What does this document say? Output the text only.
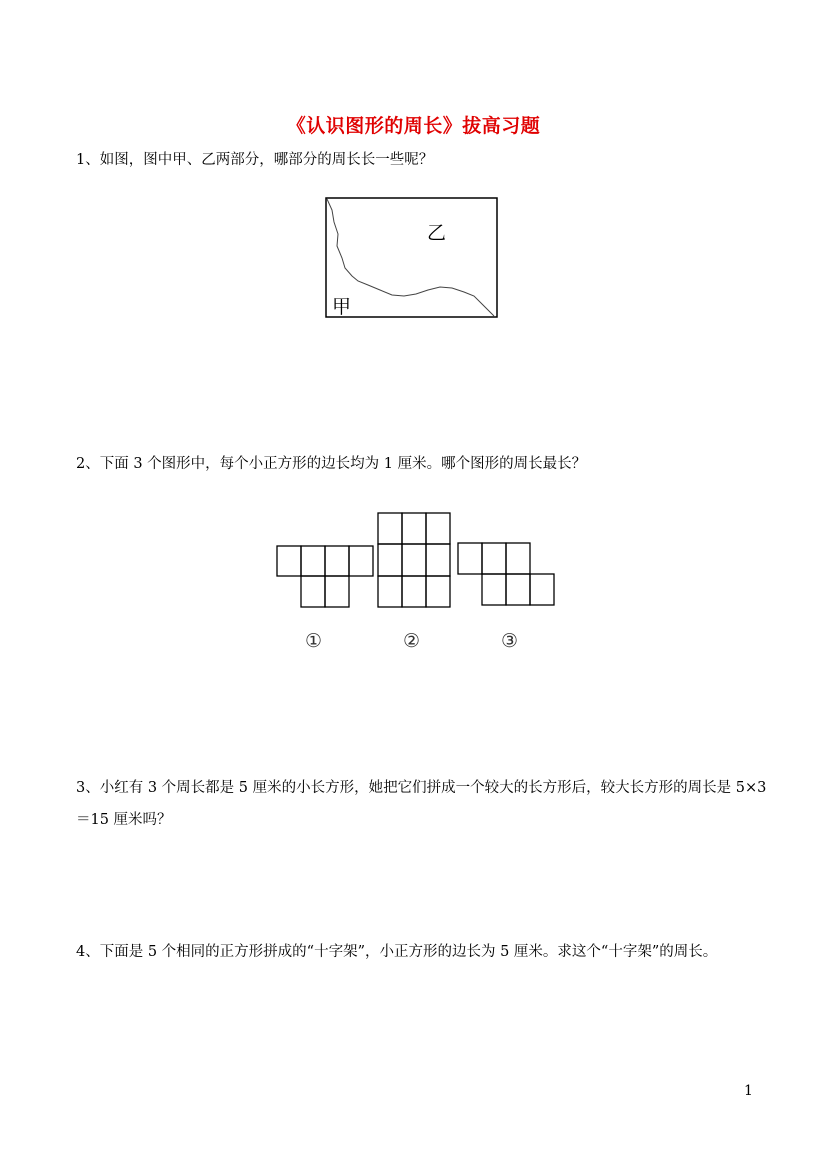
《认识图形的周长》拔高习题
1、如图，图中甲、乙两部分，哪部分的周长长一些呢？
乙
甲
2、下面 3 个图形中，每个小正方形的边长均为 1 厘米。哪个图形的周长最长？
①	②	③
3、小红有 3 个周长都是 5 厘米的小长方形，她把它们拼成一个较大的长方形后，较大长方形的周长是 5×3
＝15 厘米吗？
4、下面是 5 个相同的正方形拼成的“十字架”，小正方形的边长为 5 厘米。求这个“十字架”的周长。
1
